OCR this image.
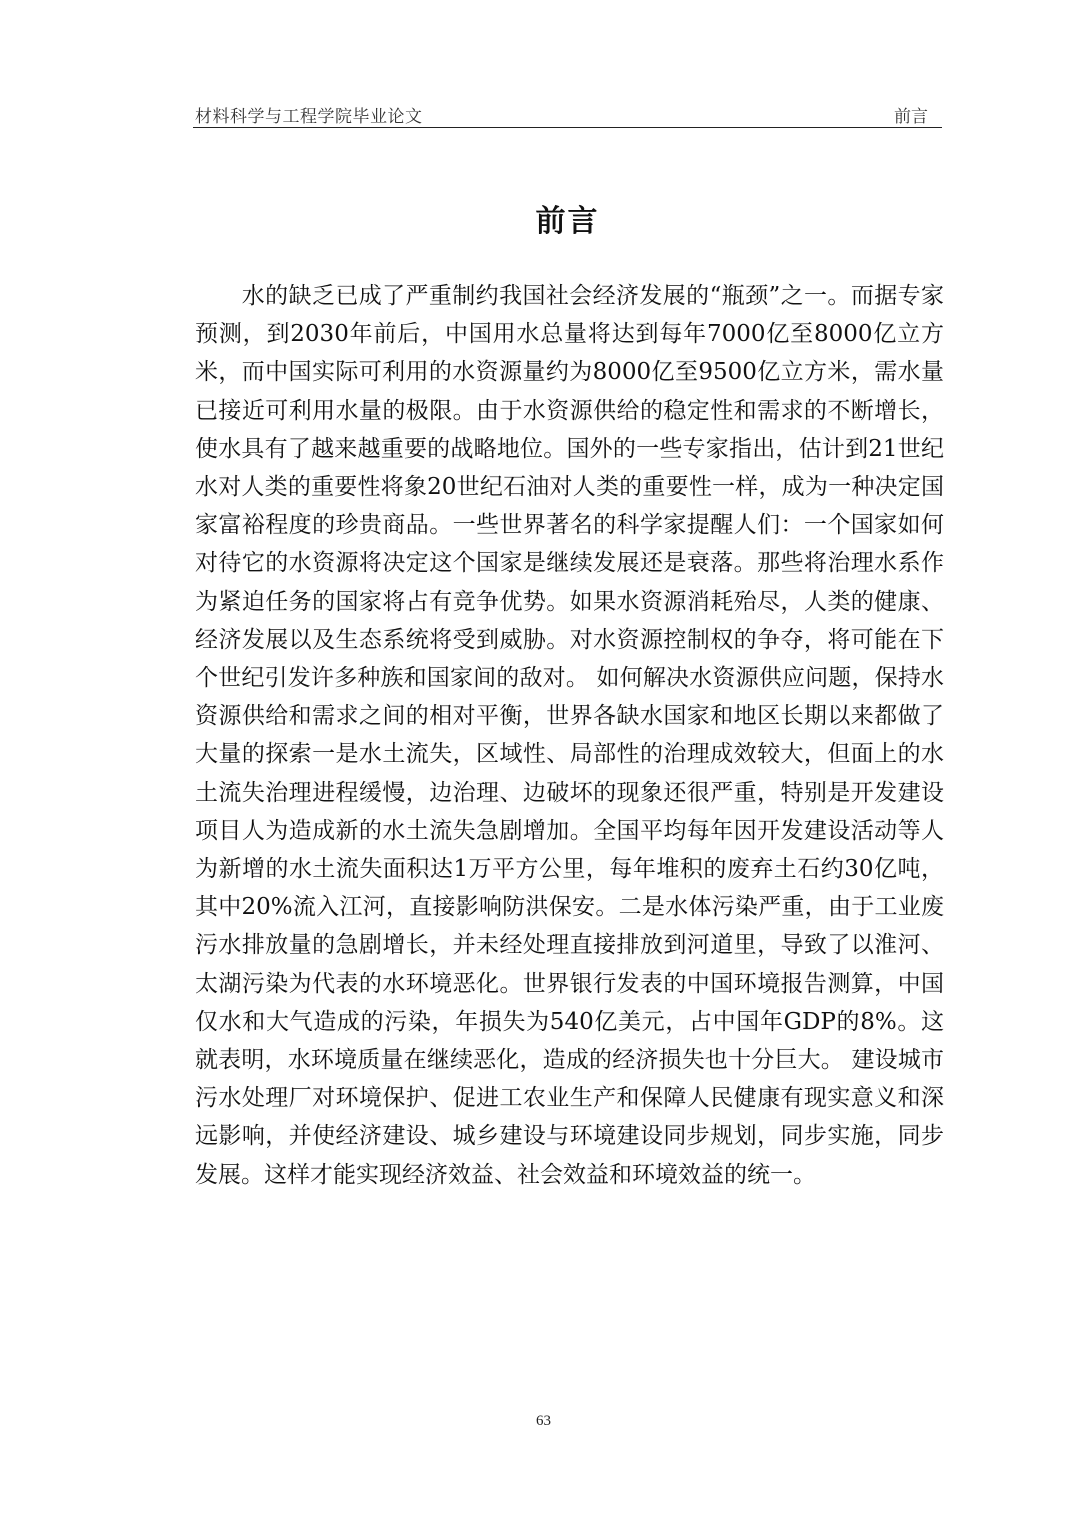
材料科学与工程学院毕业论文	前言
前言

　　水的缺乏已成了严重制约我国社会经济发展的“瓶颈”之一。而据专家预测，到2030年前后，中国用水总量将达到每年7000亿至8000亿立方米，而中国实际可利用的水资源量约为8000亿至9500亿立方米，需水量已接近可利用水量的极限。由于水资源供给的稳定性和需求的不断增长，使水具有了越来越重要的战略地位。国外的一些专家指出，估计到21世纪水对人类的重要性将象20世纪石油对人类的重要性一样，成为一种决定国家富裕程度的珍贵商品。一些世界著名的科学家提醒人们：一个国家如何对待它的水资源将决定这个国家是继续发展还是衰落。那些将治理水系作为紧迫任务的国家将占有竞争优势。如果水资源消耗殆尽，人类的健康、经济发展以及生态系统将受到威胁。对水资源控制权的争夺，将可能在下个世纪引发许多种族和国家间的敌对。 如何解决水资源供应问题，保持水资源供给和需求之间的相对平衡，世界各缺水国家和地区长期以来都做了大量的探索一是水土流失，区域性、局部性的治理成效较大，但面上的水土流失治理进程缓慢，边治理、边破坏的现象还很严重，特别是开发建设项目人为造成新的水土流失急剧增加。全国平均每年因开发建设活动等人为新增的水土流失面积达1万平方公里，每年堆积的废弃土石约30亿吨，其中20%流入江河，直接影响防洪保安。二是水体污染严重，由于工业废污水排放量的急剧增长，并未经处理直接排放到河道里，导致了以淮河、太湖污染为代表的水环境恶化。世界银行发表的中国环境报告测算，中国仅水和大气造成的污染，年损失为540亿美元，占中国年GDP的8%。这就表明，水环境质量在继续恶化，造成的经济损失也十分巨大。 建设城市污水处理厂对环境保护、促进工农业生产和保障人民健康有现实意义和深远影响，并使经济建设、城乡建设与环境建设同步规划，同步实施，同步发展。这样才能实现经济效益、社会效益和环境效益的统一。

63
